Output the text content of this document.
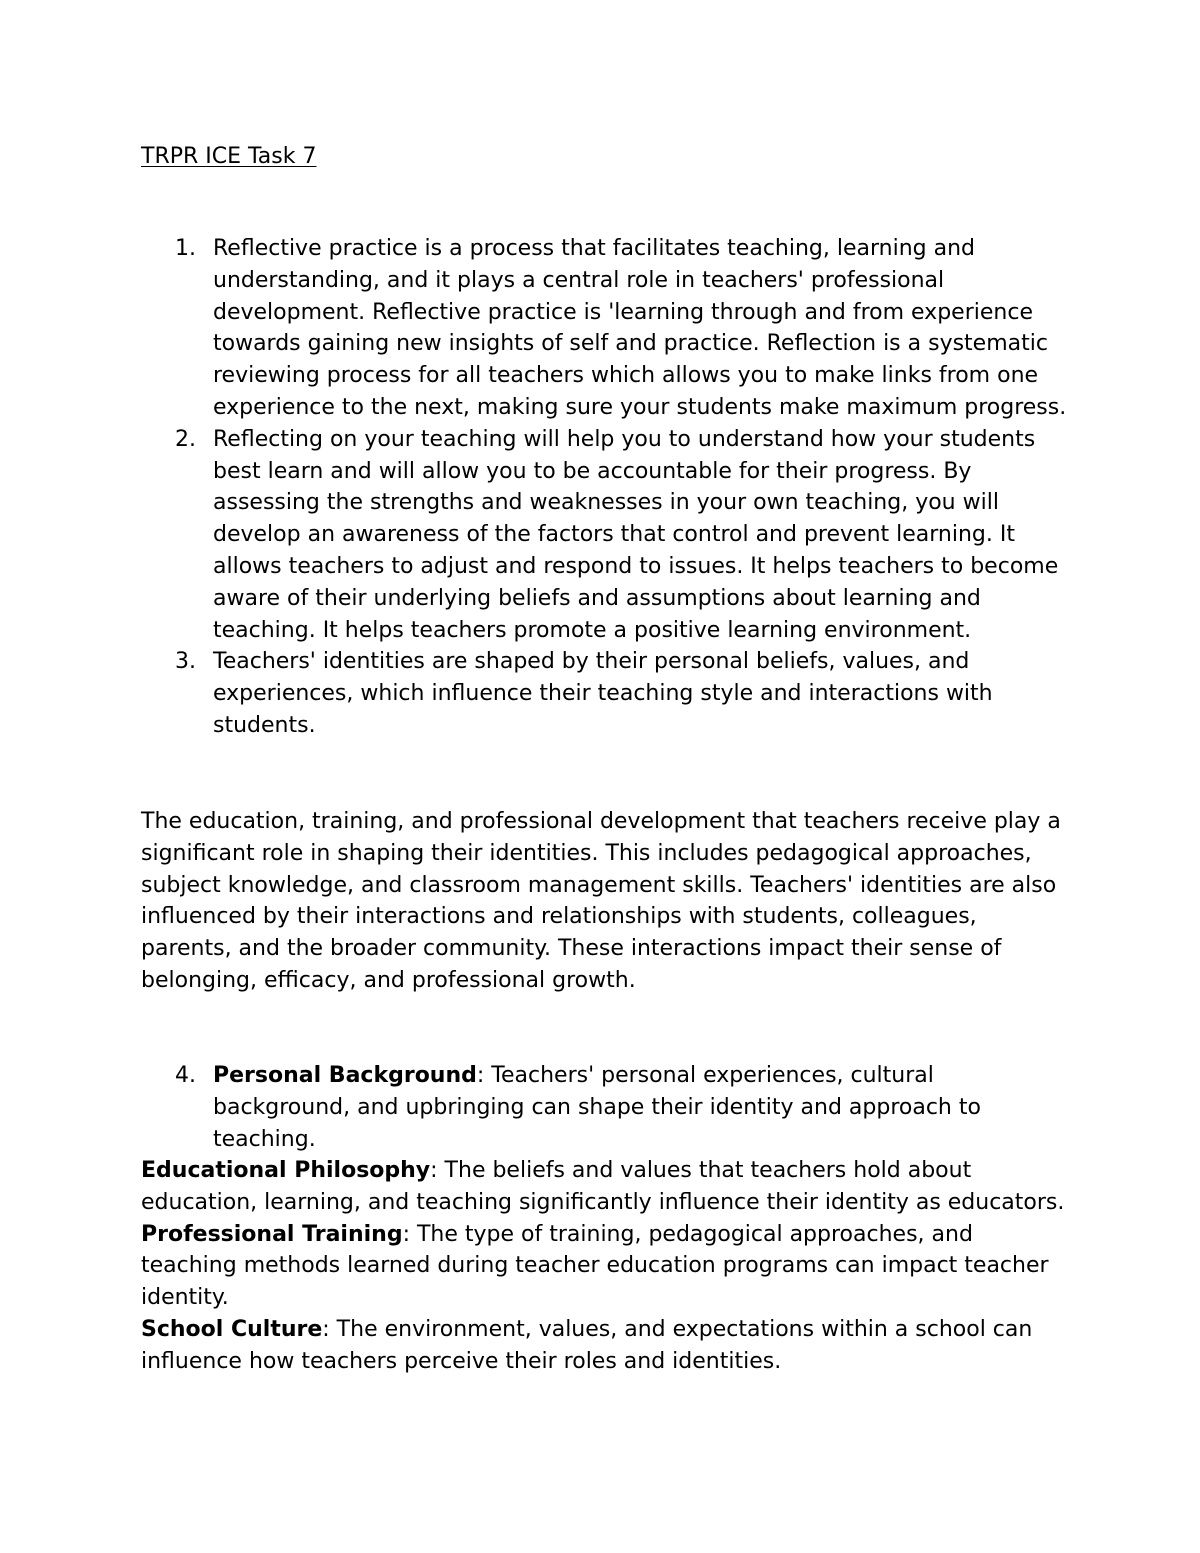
TRPR ICE Task 7
1. Reflective practice is a process that facilitates teaching, learning and understanding, and it plays a central role in teachers' professional development. Reflective practice is 'learning through and from experience towards gaining new insights of self and practice. Reflection is a systematic reviewing process for all teachers which allows you to make links from one experience to the next, making sure your students make maximum progress.
2. Reflecting on your teaching will help you to understand how your students best learn and will allow you to be accountable for their progress. By assessing the strengths and weaknesses in your own teaching, you will develop an awareness of the factors that control and prevent learning. It allows teachers to adjust and respond to issues. It helps teachers to become aware of their underlying beliefs and assumptions about learning and teaching. It helps teachers promote a positive learning environment.
3. Teachers' identities are shaped by their personal beliefs, values, and experiences, which influence their teaching style and interactions with students.

The education, training, and professional development that teachers receive play a significant role in shaping their identities. This includes pedagogical approaches, subject knowledge, and classroom management skills. Teachers' identities are also influenced by their interactions and relationships with students, colleagues, parents, and the broader community. These interactions impact their sense of belonging, efficacy, and professional growth.

4. Personal Background: Teachers' personal experiences, cultural background, and upbringing can shape their identity and approach to teaching.
Educational Philosophy: The beliefs and values that teachers hold about education, learning, and teaching significantly influence their identity as educators.
Professional Training: The type of training, pedagogical approaches, and teaching methods learned during teacher education programs can impact teacher identity.
School Culture: The environment, values, and expectations within a school can influence how teachers perceive their roles and identities.
